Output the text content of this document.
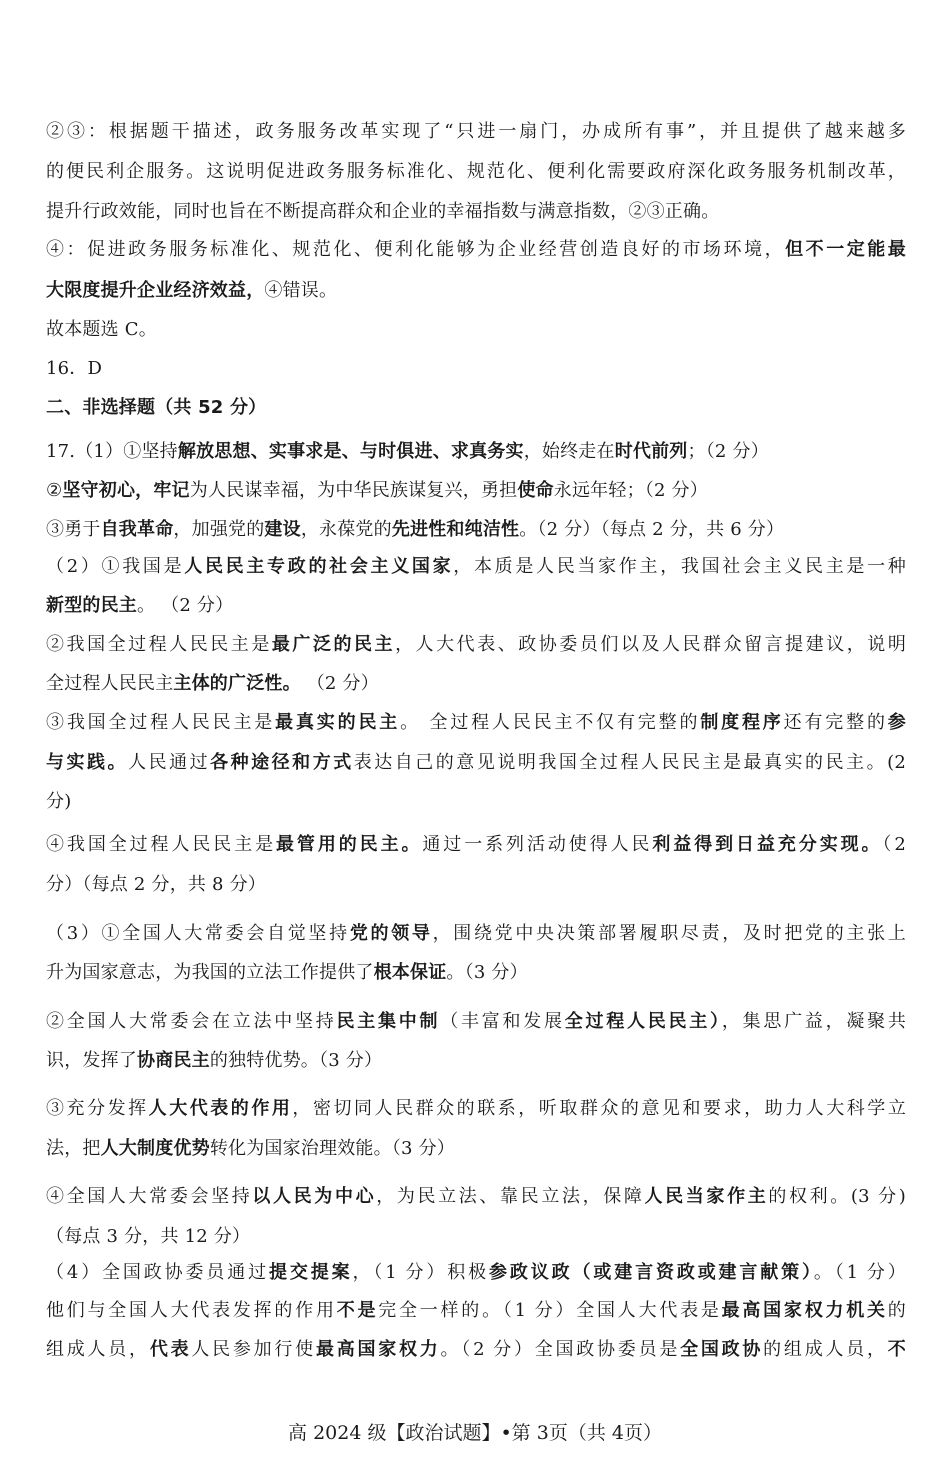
②③：根据题干描述，政务服务改革实现了“只进一扇门，办成所有事”，并且提供了越来越多
的便民利企服务。这说明促进政务服务标准化、规范化、便利化需要政府深化政务服务机制改革，
提升行政效能，同时也旨在不断提高群众和企业的幸福指数与满意指数，②③正确。
④：促进政务服务标准化、规范化、便利化能够为企业经营创造良好的市场环境，但不一定能最
大限度提升企业经济效益，④错误。
故本题选 C。
16．D
二、非选择题（共 52 分）
17.（1）①坚持解放思想、实事求是、与时俱进、求真务实，始终走在时代前列；（2 分）
②坚守初心，牢记为人民谋幸福，为中华民族谋复兴，勇担使命永远年轻；（2 分）
③勇于自我革命，加强党的建设，永葆党的先进性和纯洁性。（2 分）（每点 2 分，共 6 分）
（2）①我国是人民民主专政的社会主义国家，本质是人民当家作主，我国社会主义民主是一种
新型的民主。 （2 分）
②我国全过程人民民主是最广泛的民主，人大代表、政协委员们以及人民群众留言提建议，说明
全过程人民民主主体的广泛性。 （2 分）
③我国全过程人民民主是最真实的民主。 全过程人民民主不仅有完整的制度程序还有完整的参
与实践。人民通过各种途径和方式表达自己的意见说明我国全过程人民民主是最真实的民主。(2
分)
④我国全过程人民民主是最管用的民主。通过一系列活动使得人民利益得到日益充分实现。（2
分）（每点 2 分，共 8 分）
（3）①全国人大常委会自觉坚持党的领导，围绕党中央决策部署履职尽责，及时把党的主张上
升为国家意志，为我国的立法工作提供了根本保证。（3 分）
②全国人大常委会在立法中坚持民主集中制（丰富和发展全过程人民民主），集思广益，凝聚共
识，发挥了协商民主的独特优势。（3 分）
③充分发挥人大代表的作用，密切同人民群众的联系，听取群众的意见和要求，助力人大科学立
法，把人大制度优势转化为国家治理效能。（3 分）
④全国人大常委会坚持以人民为中心，为民立法、靠民立法，保障人民当家作主的权利。(3 分)
（每点 3 分，共 12 分）
（4）全国政协委员通过提交提案，（1 分）积极参政议政（或建言资政或建言献策）。（1 分）
他们与全国人大代表发挥的作用不是完全一样的。（1 分）全国人大代表是最高国家权力机关的
组成人员，代表人民参加行使最高国家权力。（2 分）全国政协委员是全国政协的组成人员，不
高 2024 级【政治试题】•第 3页（共 4页）
